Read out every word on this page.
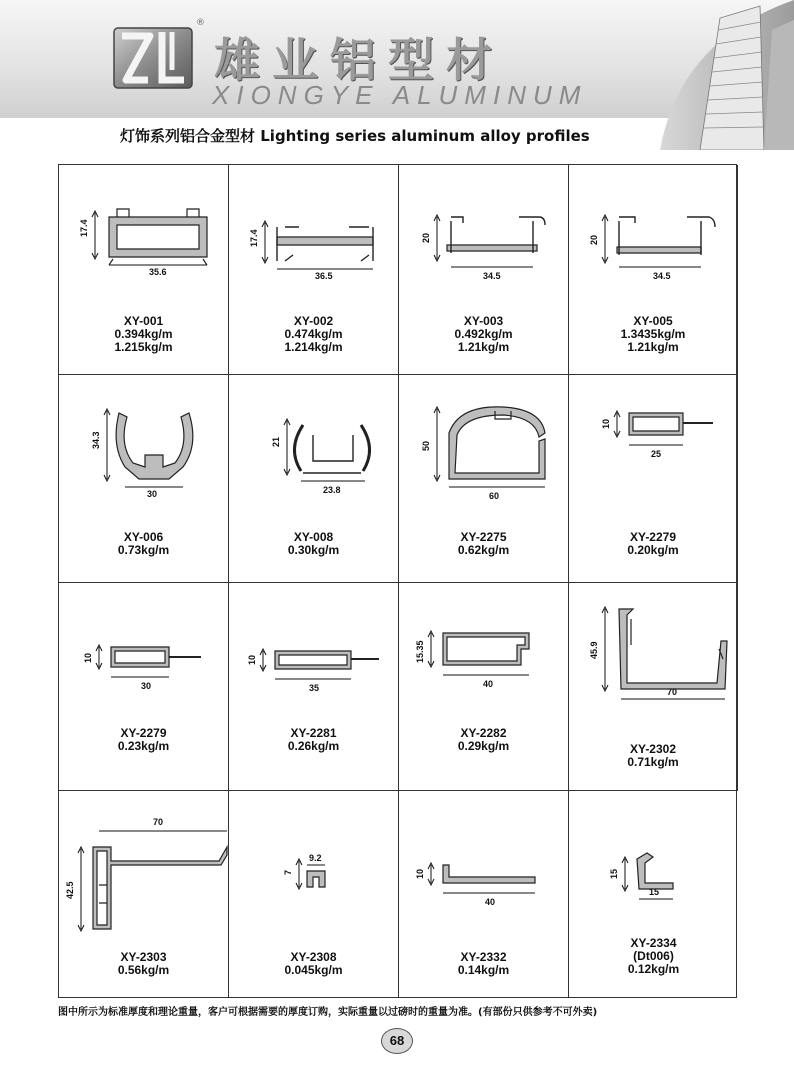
®
雄业铝型材
XIONGYE ALUMINUM
灯饰系列铝合金型材 Lighting series aluminum alloy profiles
17.4
35.6
XY-001
0.394kg/m
1.215kg/m
17.4
36.5
XY-002
0.474kg/m
1.214kg/m
20
34.5
XY-003
0.492kg/m
1.21kg/m
20
34.5
XY-005
1.3435kg/m
1.21kg/m
34.3
30
XY-006
0.73kg/m
21
23.8
XY-008
0.30kg/m
50
60
XY-2275
0.62kg/m
10
25
XY-2279
0.20kg/m
10
30
XY-2279
0.23kg/m
10
35
XY-2281
0.26kg/m
15.35
40
XY-2282
0.29kg/m
45.9
70
XY-2302
0.71kg/m
42.5
70
XY-2303
0.56kg/m
7
9.2
XY-2308
0.045kg/m
10
40
XY-2332
0.14kg/m
15
15
XY-2334
(Dt006)
0.12kg/m
图中所示为标准厚度和理论重量，客户可根据需要的厚度订购，实际重量以过磅时的重量为准。(有部份只供参考不可外卖)
68
